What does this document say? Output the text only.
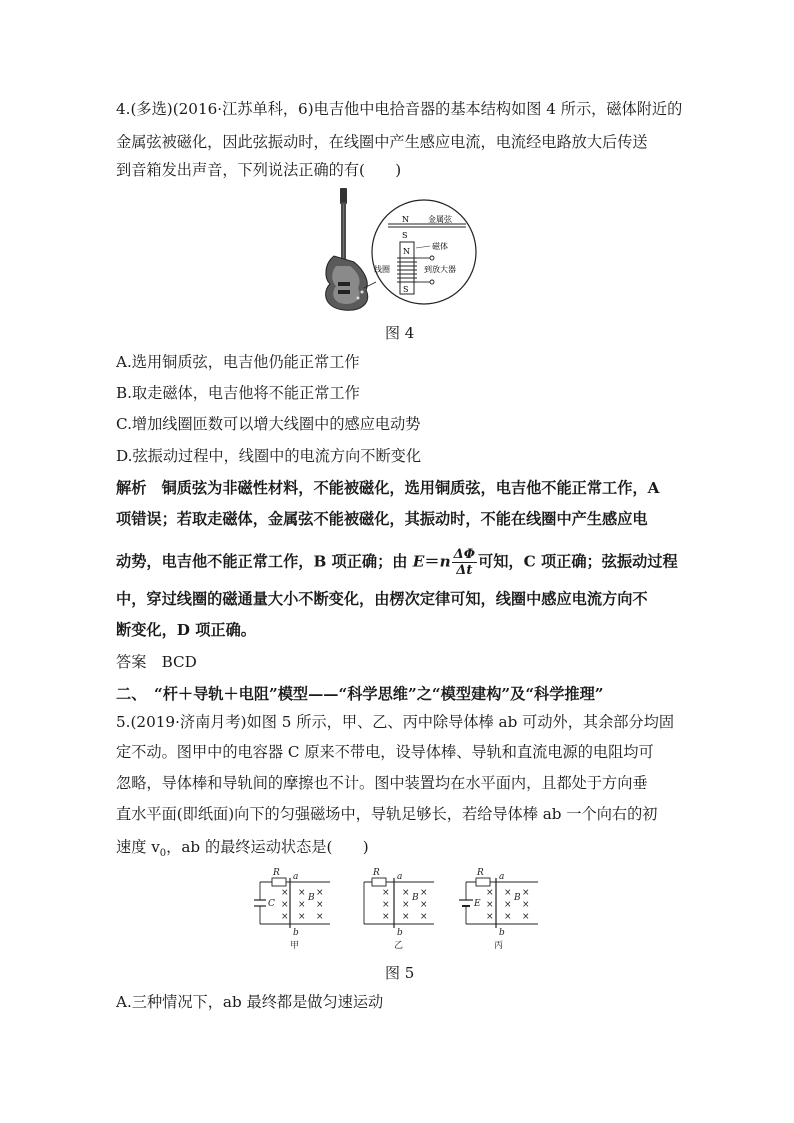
4.(多选)(2016·江苏单科，6)电吉他中电拾音器的基本结构如图 4 所示，磁体附近的
金属弦被磁化，因此弦振动时，在线圈中产生感应电流，电流经电路放大后传送
到音箱发出声音，下列说法正确的有(　　)
N 金属弦
S
N
S
磁体
线圈	到放大器
图 4
A.选用铜质弦，电吉他仍能正常工作
B.取走磁体，电吉他将不能正常工作
C.增加线圈匝数可以增大线圈中的感应电动势
D.弦振动过程中，线圈中的电流方向不断变化
解析　铜质弦为非磁性材料，不能被磁化，选用铜质弦，电吉他不能正常工作，A
项错误；若取走磁体，金属弦不能被磁化，其振动时，不能在线圈中产生感应电
动势，电吉他不能正常工作，B 项正确；由 $E=n \frac{\Delta\Phi}{\Delta t}$ 可知，C 项正确；弦振动过程
中，穿过线圈的磁通量大小不断变化，由楞次定律可知，线圈中感应电流方向不
断变化，D 项正确。
答案　BCD
二、　“杆＋导轨＋电阻”模型——“科学思维”之“模型建构”及“科学推理”
5.(2019·济南月考)如图 5 所示，甲、乙、丙中除导体棒 ab 可动外，其余部分均固
定不动。图甲中的电容器 C 原来不带电，设导体棒、导轨和直流电源的电阻均可
忽略，导体棒和导轨间的摩擦也不计。图中装置均在水平面内，且都处于方向垂
直水平面(即纸面)向下的匀强磁场中，导轨足够长，若给导体棒 ab 一个向右的初
速度 $v_0$，ab 的最终运动状态是(　　)
R a
b
C
B
×
×
×
×
×
×
×
×
×
甲
R a
b
B
×
×
×
×
×
×
×
×
×
乙
R a
b
E
B
×
×
×
×
×
×
×
×
×
丙
图 5
A.三种情况下，ab 最终都是做匀速运动
